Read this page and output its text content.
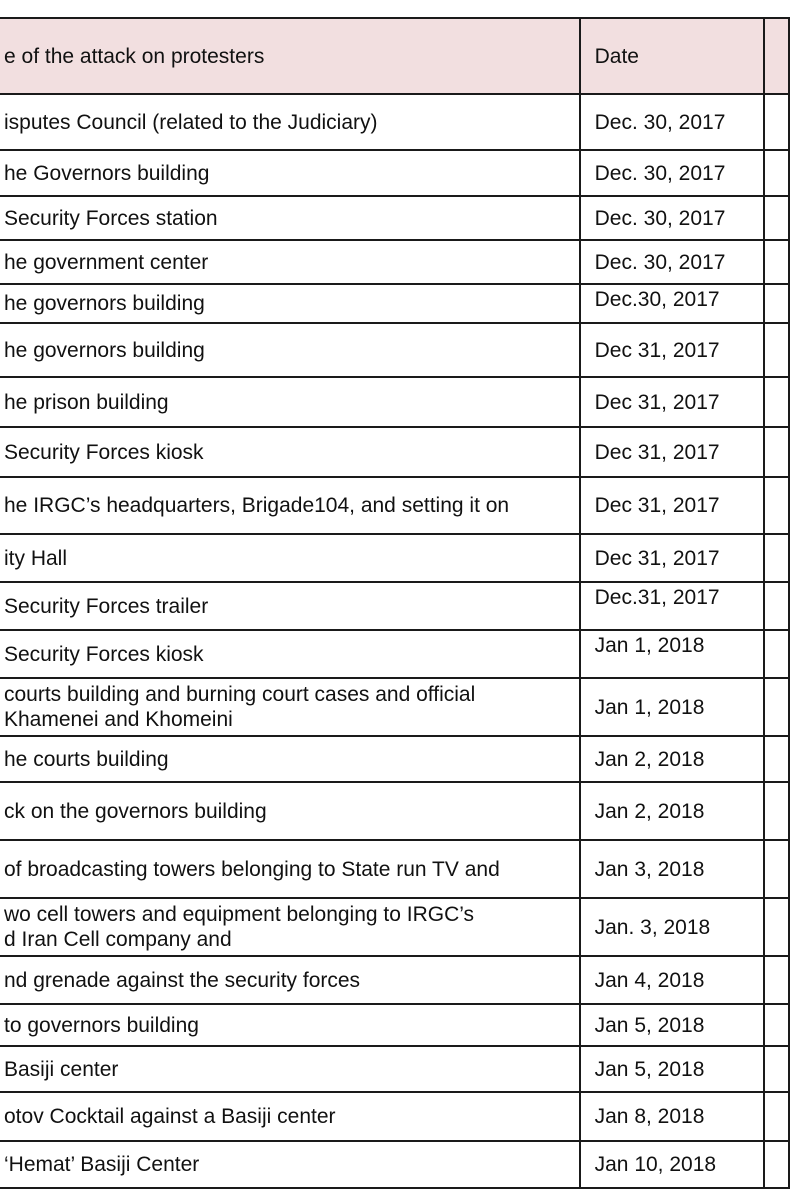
e of the attack on protesters	Date	
isputes Council (related to the Judiciary)	Dec. 30, 2017	
he Governors building	Dec. 30, 2017	
Security Forces station	Dec. 30, 2017	
he government center	Dec. 30, 2017	
he governors building	Dec.30, 2017	
he governors building	Dec 31, 2017	
he prison building	Dec 31, 2017	
Security Forces kiosk	Dec 31, 2017	
he IRGC’s headquarters, Brigade104, and setting it on	Dec 31, 2017	
ity Hall	Dec 31, 2017	
Security Forces trailer	Dec.31, 2017	
Security Forces kiosk	Jan 1, 2018	
courts building and burning court cases and official
Khamenei and Khomeini	Jan 1, 2018	
he courts building	Jan 2, 2018	
ck on the governors building	Jan 2, 2018	
of broadcasting towers belonging to State run TV and	Jan 3, 2018	
wo cell towers and equipment belonging to IRGC’s
d Iran Cell company and	Jan. 3, 2018	
nd grenade against the security forces	Jan 4, 2018	
to governors building	Jan 5, 2018	
Basiji center	Jan 5, 2018	
otov Cocktail against a Basiji center	Jan 8, 2018	
‘Hemat’ Basiji Center	Jan 10, 2018	
